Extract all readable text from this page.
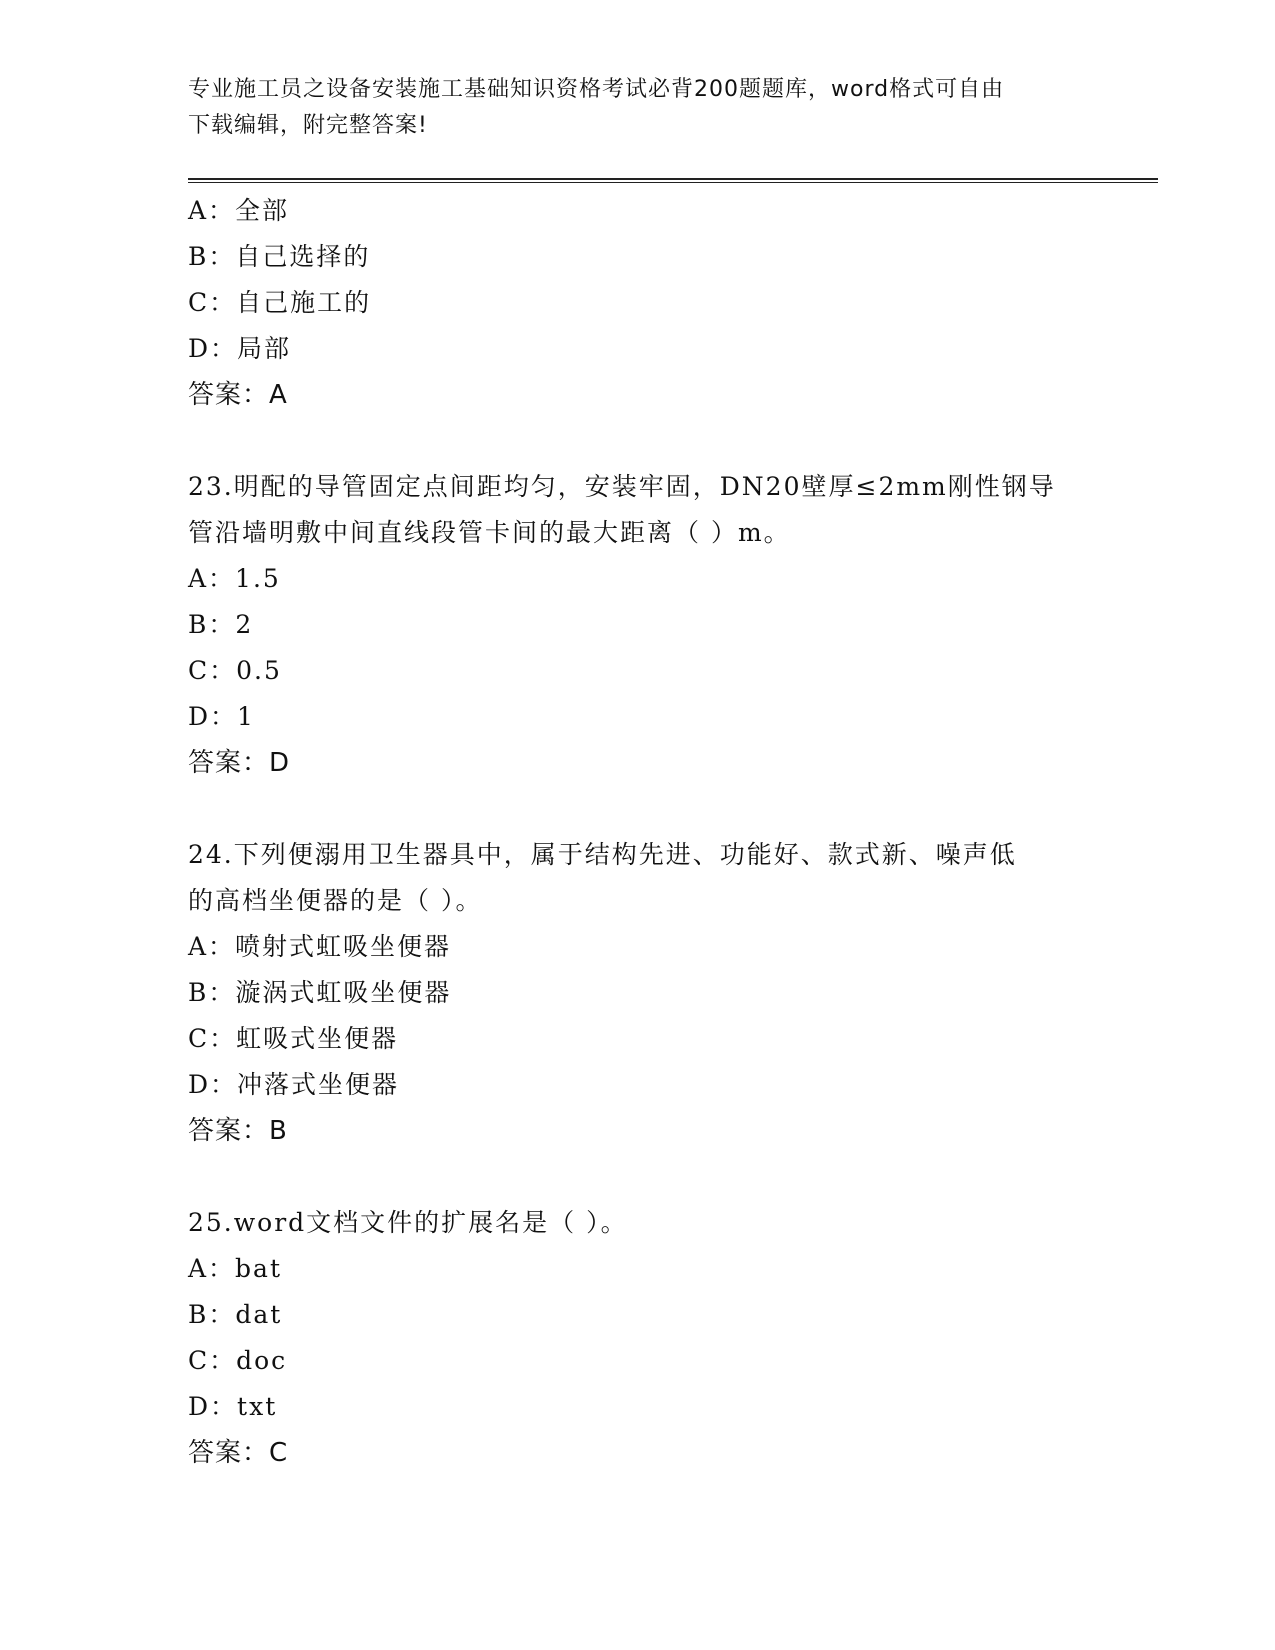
专业施工员之设备安装施工基础知识资格考试必背200题题库，word格式可自由
下载编辑，附完整答案!
A：全部
B：自己选择的
C：自己施工的
D：局部
答案：A
23.明配的导管固定点间距均匀，安装牢固，DN20壁厚≤2mm刚性钢导
管沿墙明敷中间直线段管卡间的最大距离（ ）m。
A：1.5
B：2
C：0.5
D：1
答案：D
24.下列便溺用卫生器具中，属于结构先进、功能好、款式新、噪声低
的高档坐便器的是（ ）。
A：喷射式虹吸坐便器
B：漩涡式虹吸坐便器
C：虹吸式坐便器
D：冲落式坐便器
答案：B
25.word文档文件的扩展名是（ ）。
A：bat
B：dat
C：doc
D：txt
答案：C
